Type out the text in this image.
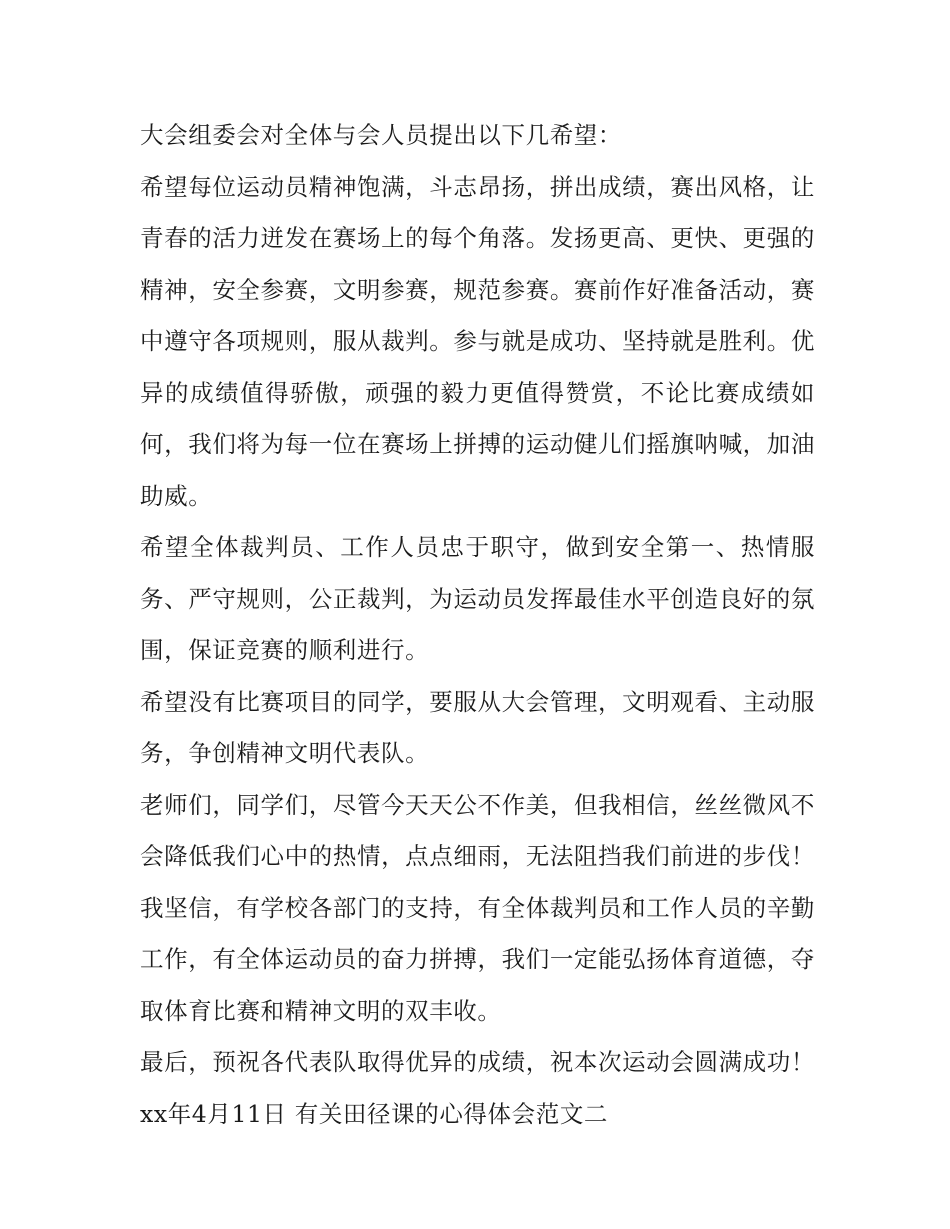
大会组委会对全体与会人员提出以下几希望：

希望每位运动员精神饱满，斗志昂扬，拼出成绩，赛出风格，让青春的活力迸发在赛场上的每个角落。发扬更高、更快、更强的精神，安全参赛，文明参赛，规范参赛。赛前作好准备活动，赛中遵守各项规则，服从裁判。参与就是成功、坚持就是胜利。优异的成绩值得骄傲，顽强的毅力更值得赞赏，不论比赛成绩如何，我们将为每一位在赛场上拼搏的运动健儿们摇旗呐喊，加油助威。

希望全体裁判员、工作人员忠于职守，做到安全第一、热情服务、严守规则，公正裁判，为运动员发挥最佳水平创造良好的氛围，保证竞赛的顺利进行。

希望没有比赛项目的同学，要服从大会管理，文明观看、主动服务，争创精神文明代表队。

老师们，同学们，尽管今天天公不作美，但我相信，丝丝微风不会降低我们心中的热情，点点细雨，无法阻挡我们前进的步伐！我坚信，有学校各部门的支持，有全体裁判员和工作人员的辛勤工作，有全体运动员的奋力拼搏，我们一定能弘扬体育道德，夺取体育比赛和精神文明的双丰收。

最后，预祝各代表队取得优异的成绩，祝本次运动会圆满成功！ xx年4月11日 有关田径课的心得体会范文二
